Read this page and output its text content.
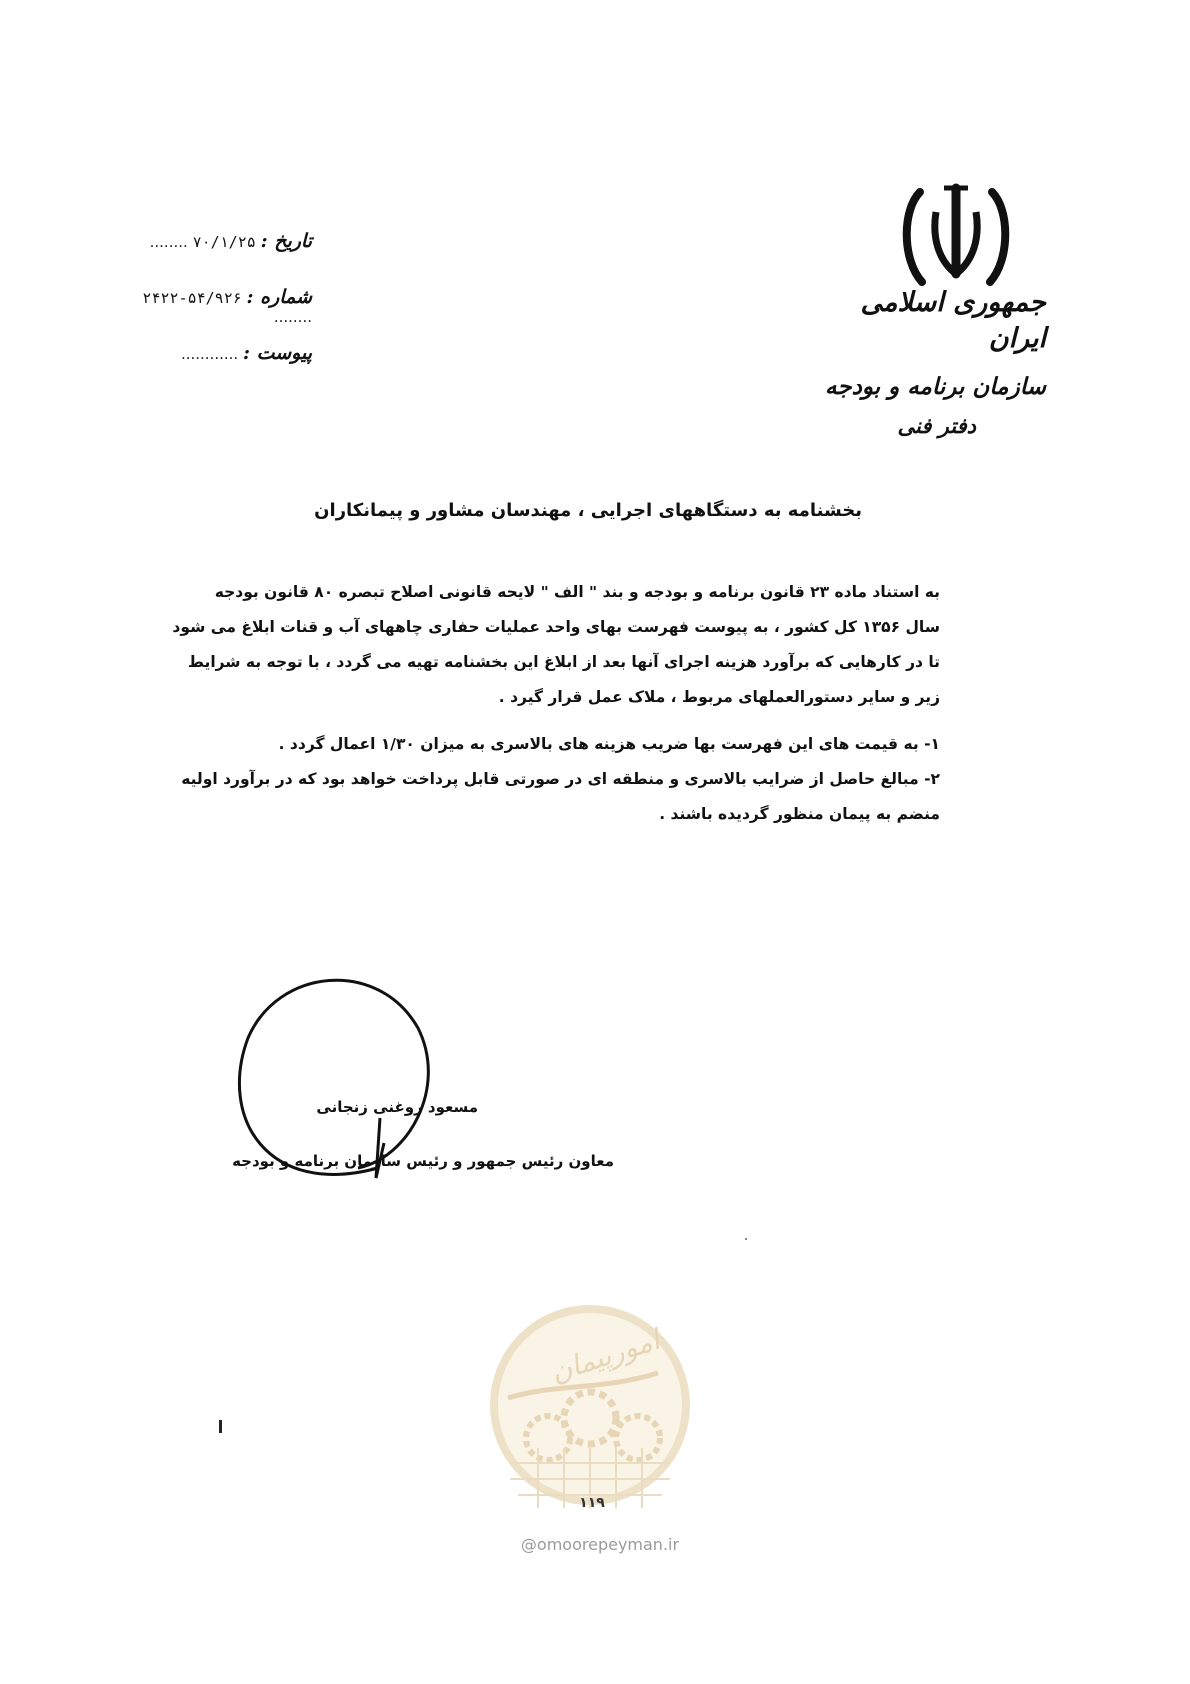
جمهوری اسلامی ایران
سازمان برنامه و بودجه
دفتر فنی
تاریخ : ۷۰/۱/۲۵ ........
شماره : ۵۴/۹۲۶-۲۴۲۲ ........
پیوست : ............
بخشنامه به دستگاههای اجرایی ، مهندسان مشاور و پیمانکاران
به استناد ماده ۲۳ قانون برنامه و بودجه و بند " الف " لایحه قانونی اصلاح تبصره ۸۰ قانون بودجه
سال ۱۳۵۶ کل کشور ، به پیوست فهرست بهای واحد عملیات حفاری چاههای آب و قنات ابلاغ می شود
تا در کارهایی که برآورد هزینه اجرای آنها بعد از ابلاغ این بخشنامه تهیه می گردد ، با توجه به شرایط
زیر و سایر دستورالعملهای مربوط ، ملاک عمل قرار گیرد .
۱- به قیمت های این فهرست بها ضریب هزینه های بالاسری به میزان ۱/۳۰ اعمال گردد .
۲- مبالغ حاصل از ضرایب بالاسری و منطقه ای در صورتی قابل پرداخت خواهد بود که در برآورد اولیه
منضم به پیمان منظور گردیده باشند .
مسعود روغنی زنجانی
معاون رئیس جمهور و رئیس سازمان برنامه و بودجه
امورپیمان
۱۱۹
@omoorepeyman.ir
